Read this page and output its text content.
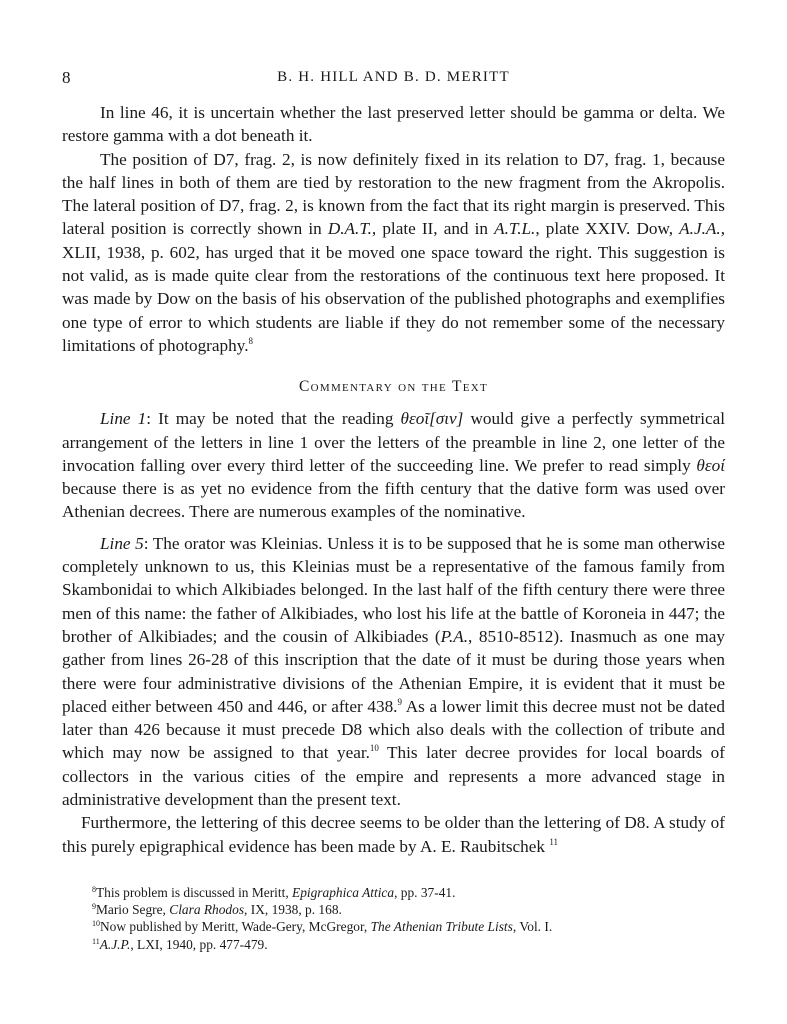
8	B. H. HILL AND B. D. MERITT

In line 46, it is uncertain whether the last preserved letter should be gamma or delta. We restore gamma with a dot beneath it.

The position of D7, frag. 2, is now definitely fixed in its relation to D7, frag. 1, because the half lines in both of them are tied by restoration to the new fragment from the Akropolis. The lateral position of D7, frag. 2, is known from the fact that its right margin is preserved. This lateral position is correctly shown in D.A.T., plate II, and in A.T.L., plate XXIV. Dow, A.J.A., XLII, 1938, p. 602, has urged that it be moved one space toward the right. This suggestion is not valid, as is made quite clear from the restorations of the continuous text here proposed. It was made by Dow on the basis of his observation of the published photographs and exemplifies one type of error to which students are liable if they do not remember some of the necessary limitations of photography.$^8$

Commentary on the Text

Line 1: It may be noted that the reading θεοῖ[σιν] would give a perfectly symmetrical arrangement of the letters in line 1 over the letters of the preamble in line 2, one letter of the invocation falling over every third letter of the succeeding line. We prefer to read simply θεοί because there is as yet no evidence from the fifth century that the dative form was used over Athenian decrees. There are numerous examples of the nominative.

Line 5: The orator was Kleinias. Unless it is to be supposed that he is some man otherwise completely unknown to us, this Kleinias must be a representative of the famous family from Skambonidai to which Alkibiades belonged. In the last half of the fifth century there were three men of this name: the father of Alkibiades, who lost his life at the battle of Koroneia in 447; the brother of Alkibiades; and the cousin of Alkibiades (P.A., 8510-8512). Inasmuch as one may gather from lines 26-28 of this inscription that the date of it must be during those years when there were four administrative divisions of the Athenian Empire, it is evident that it must be placed either between 450 and 446, or after 438.$^9$ As a lower limit this decree must not be dated later than 426 because it must precede D8 which also deals with the collection of tribute and which may now be assigned to that year.$^{10}$ This later decree provides for local boards of collectors in the various cities of the empire and represents a more advanced stage in administrative development than the present text.

Furthermore, the lettering of this decree seems to be older than the lettering of D8. A study of this purely epigraphical evidence has been made by A. E. Raubitschek $^{11}$

$^8$This problem is discussed in Meritt, Epigraphica Attica, pp. 37-41.
$^9$Mario Segre, Clara Rhodos, IX, 1938, p. 168.
$^{10}$Now published by Meritt, Wade-Gery, McGregor, The Athenian Tribute Lists, Vol. I.
$^{11}$A.J.P., LXI, 1940, pp. 477-479.
